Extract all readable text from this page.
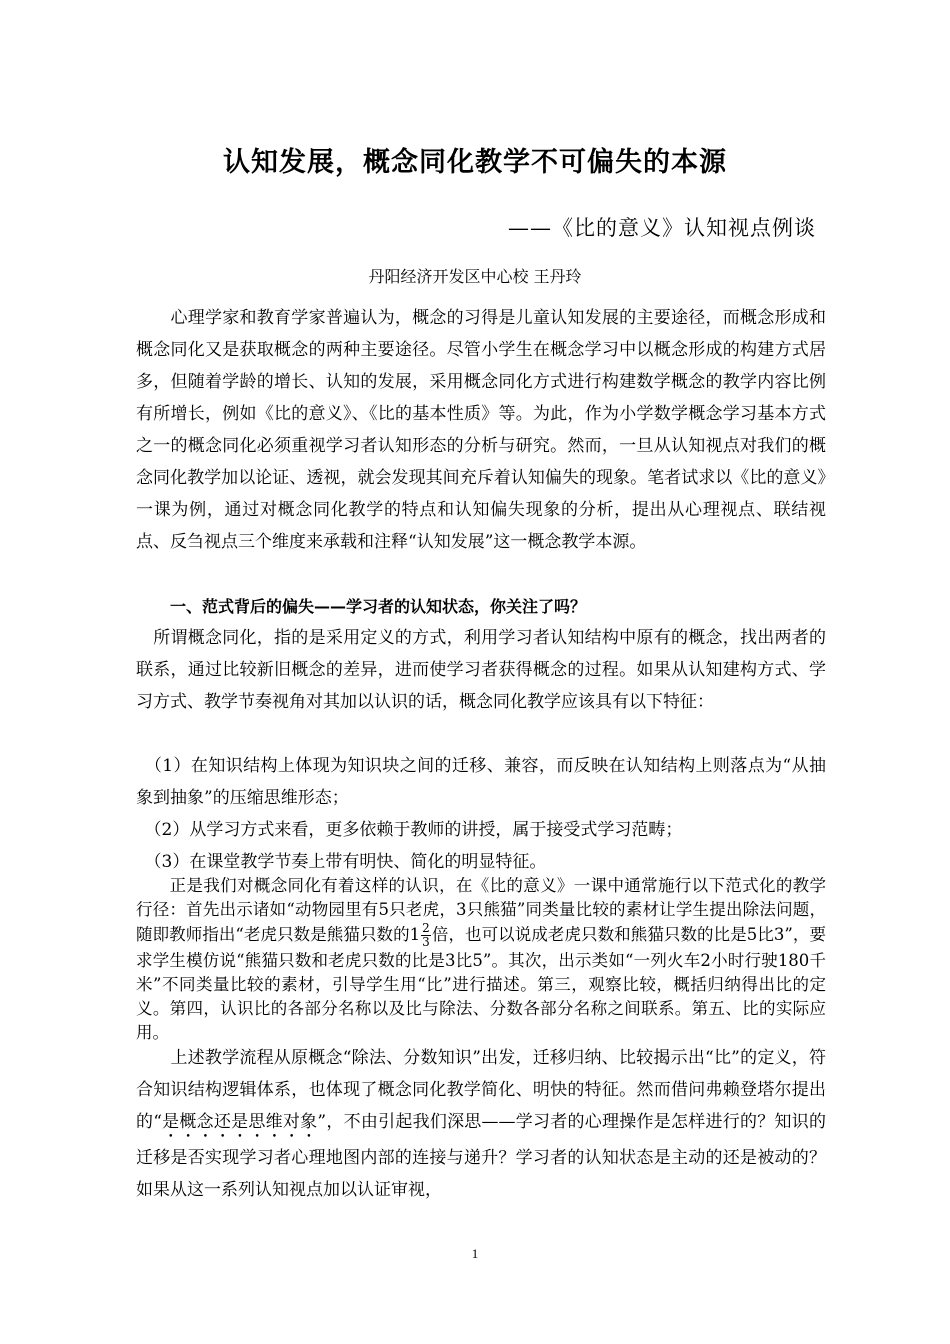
认知发展，概念同化教学不可偏失的本源
——《比的意义》认知视点例谈
丹阳经济开发区中心校 王丹玲

　　心理学家和教育学家普遍认为，概念的习得是儿童认知发展的主要途径，而概念形成和概念同化又是获取概念的两种主要途径。尽管小学生在概念学习中以概念形成的构建方式居多，但随着学龄的增长、认知的发展，采用概念同化方式进行构建数学概念的教学内容比例有所增长，例如《比的意义》、《比的基本性质》等。为此，作为小学数学概念学习基本方式之一的概念同化必须重视学习者认知形态的分析与研究。然而，一旦从认知视点对我们的概念同化教学加以论证、透视，就会发现其间充斥着认知偏失的现象。笔者试求以《比的意义》一课为例，通过对概念同化教学的特点和认知偏失现象的分析，提出从心理视点、联结视点、反刍视点三个维度来承载和注释“认知发展”这一概念教学本源。

一、范式背后的偏失——学习者的认知状态，你关注了吗？

　所谓概念同化，指的是采用定义的方式，利用学习者认知结构中原有的概念，找出两者的联系，通过比较新旧概念的差异，进而使学习者获得概念的过程。如果从认知建构方式、学习方式、教学节奏视角对其加以认识的话，概念同化教学应该具有以下特征：

　（1）在知识结构上体现为知识块之间的迁移、兼容，而反映在认知结构上则落点为“从抽象到抽象”的压缩思维形态；

　（2）从学习方式来看，更多依赖于教师的讲授，属于接受式学习范畴；

　（3）在课堂教学节奏上带有明快、简化的明显特征。

　　正是我们对概念同化有着这样的认识，在《比的意义》一课中通常施行以下范式化的教学行径：首先出示诸如“动物园里有5只老虎，3只熊猫”同类量比较的素材让学生提出除法问题，随即教师指出“老虎只数是熊猫只数的$1 \frac{2}{3}$ 倍，也可以说成老虎只数和熊猫只数的比是5比3”，要求学生模仿说“熊猫只数和老虎只数的比是3比5”。其次，出示类如“一列火车2小时行驶180千米”不同类量比较的素材，引导学生用“比”进行描述。第三，观察比较，概括归纳得出比的定义。第四，认识比的各部分名称以及比与除法、分数各部分名称之间联系。第五、比的实际应用。

　　上述教学流程从原概念“除法、分数知识”出发，迁移归纳、比较揭示出“比”的定义，符合知识结构逻辑体系，也体现了概念同化教学简化、明快的特征。然而借问弗赖登塔尔提出的“是概念还是思维对象”，不由引起我们深思——学习者的心理操作是怎样进行的？知识的迁移是否实现学习者心理地图内部的连接与递升？学习者的认知状态是主动的还是被动的？如果从这一系列认知视点加以认证审视，

1
